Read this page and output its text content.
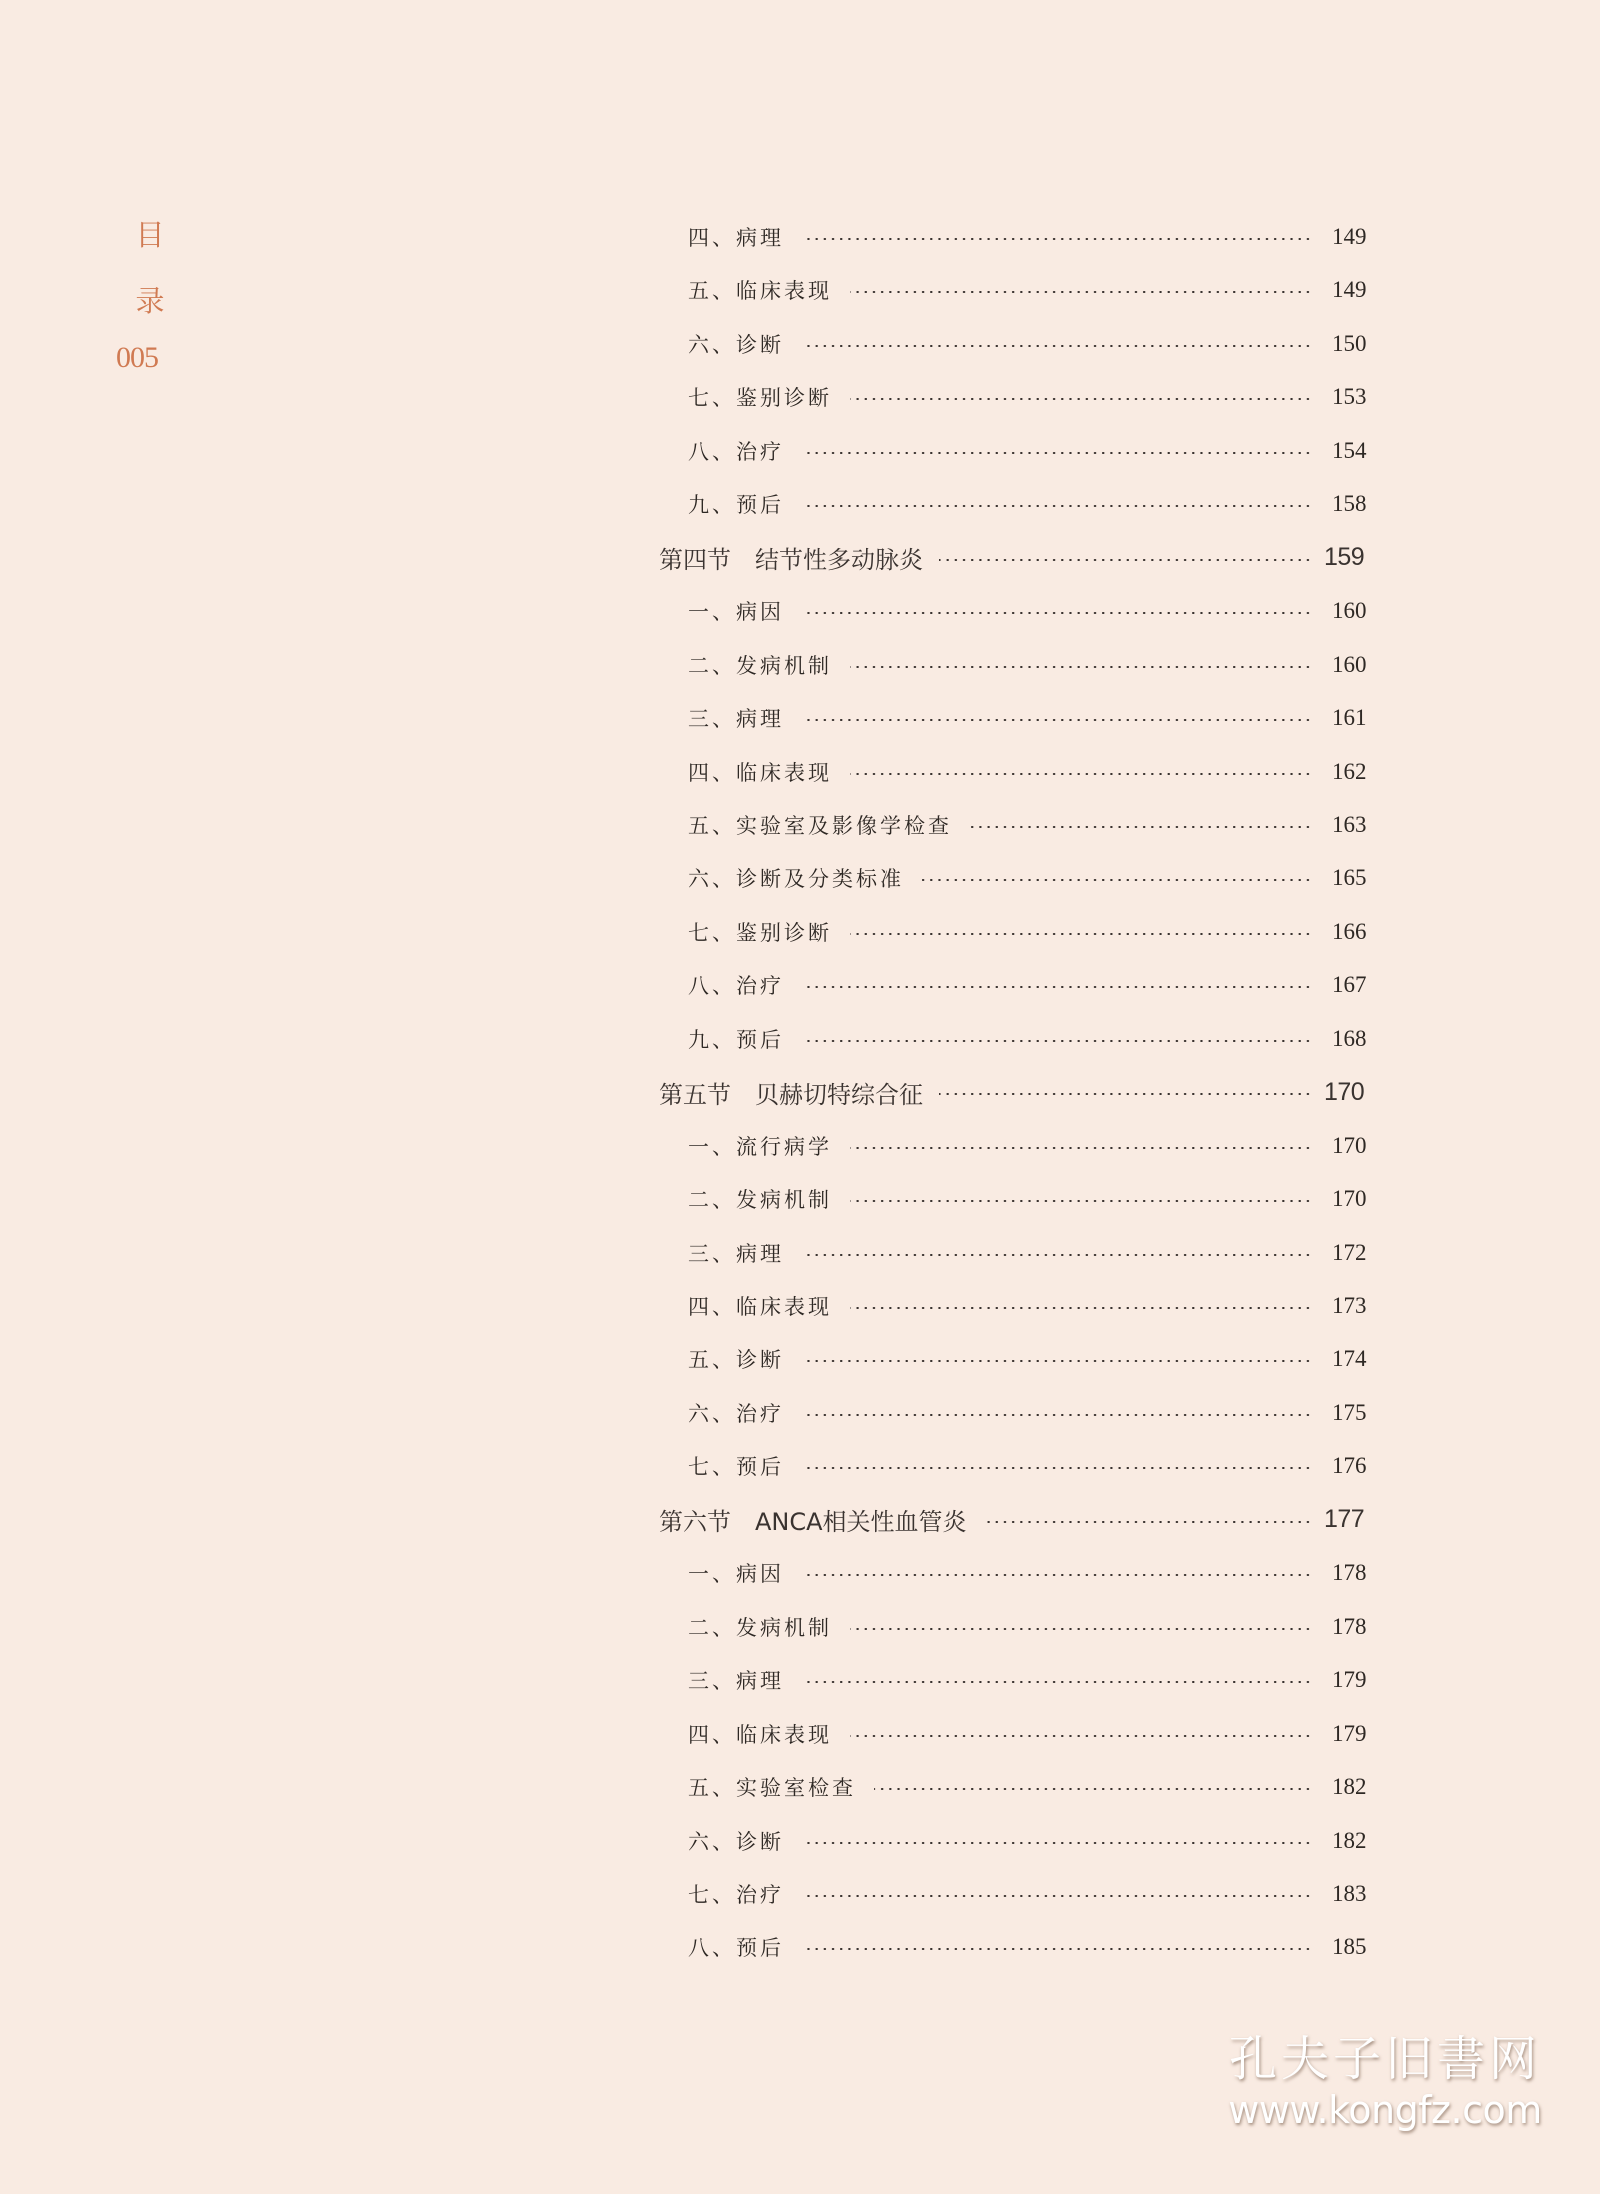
目
录
005
四、病理	149
五、临床表现	149
六、诊断	150
七、鉴别诊断	153
八、治疗	154
九、预后	158
第四节　结节性多动脉炎	159
一、病因	160
二、发病机制	160
三、病理	161
四、临床表现	162
五、实验室及影像学检查	163
六、诊断及分类标准	165
七、鉴别诊断	166
八、治疗	167
九、预后	168
第五节　贝赫切特综合征	170
一、流行病学	170
二、发病机制	170
三、病理	172
四、临床表现	173
五、诊断	174
六、治疗	175
七、预后	176
第六节　ANCA相关性血管炎	177
一、病因	178
二、发病机制	178
三、病理	179
四、临床表现	179
五、实验室检查	182
六、诊断	182
七、治疗	183
八、预后	185
孔夫子旧書网
www.kongfz.com
